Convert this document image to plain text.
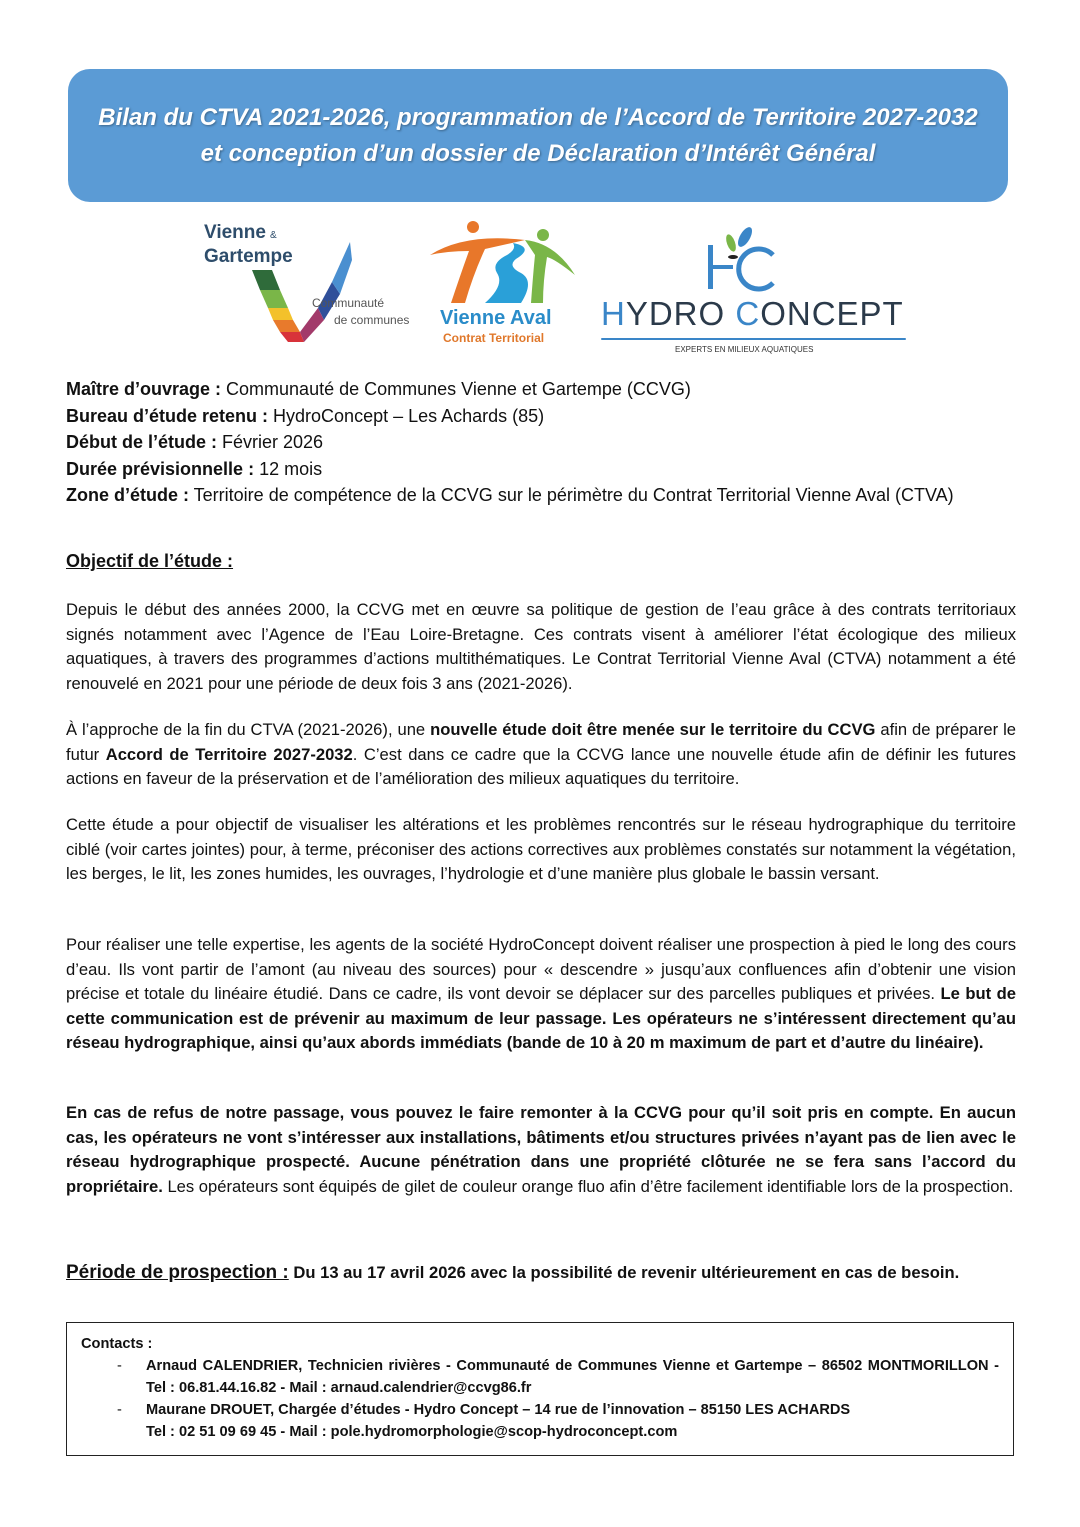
Bilan du CTVA 2021-2026, programmation de l’Accord de Territoire 2027-2032 et conception d’un dossier de Déclaration d’Intérêt Général
Vienne &
Gartempe
Communauté
de communes Vienne Aval
Contrat Territorial
HYDRO CONCEPT
EXPERTS EN MILIEUX AQUATIQUES
Maître d’ouvrage : Communauté de Communes Vienne et Gartempe (CCVG)
Bureau d’étude retenu : HydroConcept – Les Achards (85)
Début de l’étude : Février 2026
Durée prévisionnelle : 12 mois
Zone d’étude : Territoire de compétence de la CCVG sur le périmètre du Contrat Territorial Vienne Aval (CTVA)
Objectif de l’étude :
Depuis le début des années 2000, la CCVG met en œuvre sa politique de gestion de l’eau grâce à des contrats territoriaux signés notamment avec l’Agence de l’Eau Loire-Bretagne. Ces contrats visent à améliorer l’état écologique des milieux aquatiques, à travers des programmes d’actions multithématiques. Le Contrat Territorial Vienne Aval (CTVA) notamment a été renouvelé en 2021 pour une période de deux fois 3 ans (2021-2026).
À l’approche de la fin du CTVA (2021-2026), une nouvelle étude doit être menée sur le territoire du CCVG afin de préparer le futur Accord de Territoire 2027-2032. C’est dans ce cadre que la CCVG lance une nouvelle étude afin de définir les futures actions en faveur de la préservation et de l’amélioration des milieux aquatiques du territoire.
Cette étude a pour objectif de visualiser les altérations et les problèmes rencontrés sur le réseau hydrographique du territoire ciblé (voir cartes jointes) pour, à terme, préconiser des actions correctives aux problèmes constatés sur notamment la végétation, les berges, le lit, les zones humides, les ouvrages, l’hydrologie et d’une manière plus globale le bassin versant.
Pour réaliser une telle expertise, les agents de la société HydroConcept doivent réaliser une prospection à pied le long des cours d’eau. Ils vont partir de l’amont (au niveau des sources) pour « descendre » jusqu’aux confluences afin d’obtenir une vision précise et totale du linéaire étudié. Dans ce cadre, ils vont devoir se déplacer sur des parcelles publiques et privées. Le but de cette communication est de prévenir au maximum de leur passage. Les opérateurs ne s’intéressent directement qu’au réseau hydrographique, ainsi qu’aux abords immédiats (bande de 10 à 20 m maximum de part et d’autre du linéaire).
En cas de refus de notre passage, vous pouvez le faire remonter à la CCVG pour qu’il soit pris en compte. En aucun cas, les opérateurs ne vont s’intéresser aux installations, bâtiments et/ou structures privées n’ayant pas de lien avec le réseau hydrographique prospecté. Aucune pénétration dans une propriété clôturée ne se fera sans l’accord du propriétaire. Les opérateurs sont équipés de gilet de couleur orange fluo afin d’être facilement identifiable lors de la prospection.
Période de prospection : Du 13 au 17 avril 2026 avec la possibilité de revenir ultérieurement en cas de besoin.
Contacts :
- Arnaud CALENDRIER, Technicien rivières - Communauté de Communes Vienne et Gartempe – 86502 MONTMORILLON - Tel : 06.81.44.16.82 - Mail : arnaud.calendrier@ccvg86.fr
- Maurane DROUET, Chargée d’études - Hydro Concept – 14 rue de l’innovation – 85150 LES ACHARDS
Tel : 02 51 09 69 45 - Mail : pole.hydromorphologie@scop-hydroconcept.com
